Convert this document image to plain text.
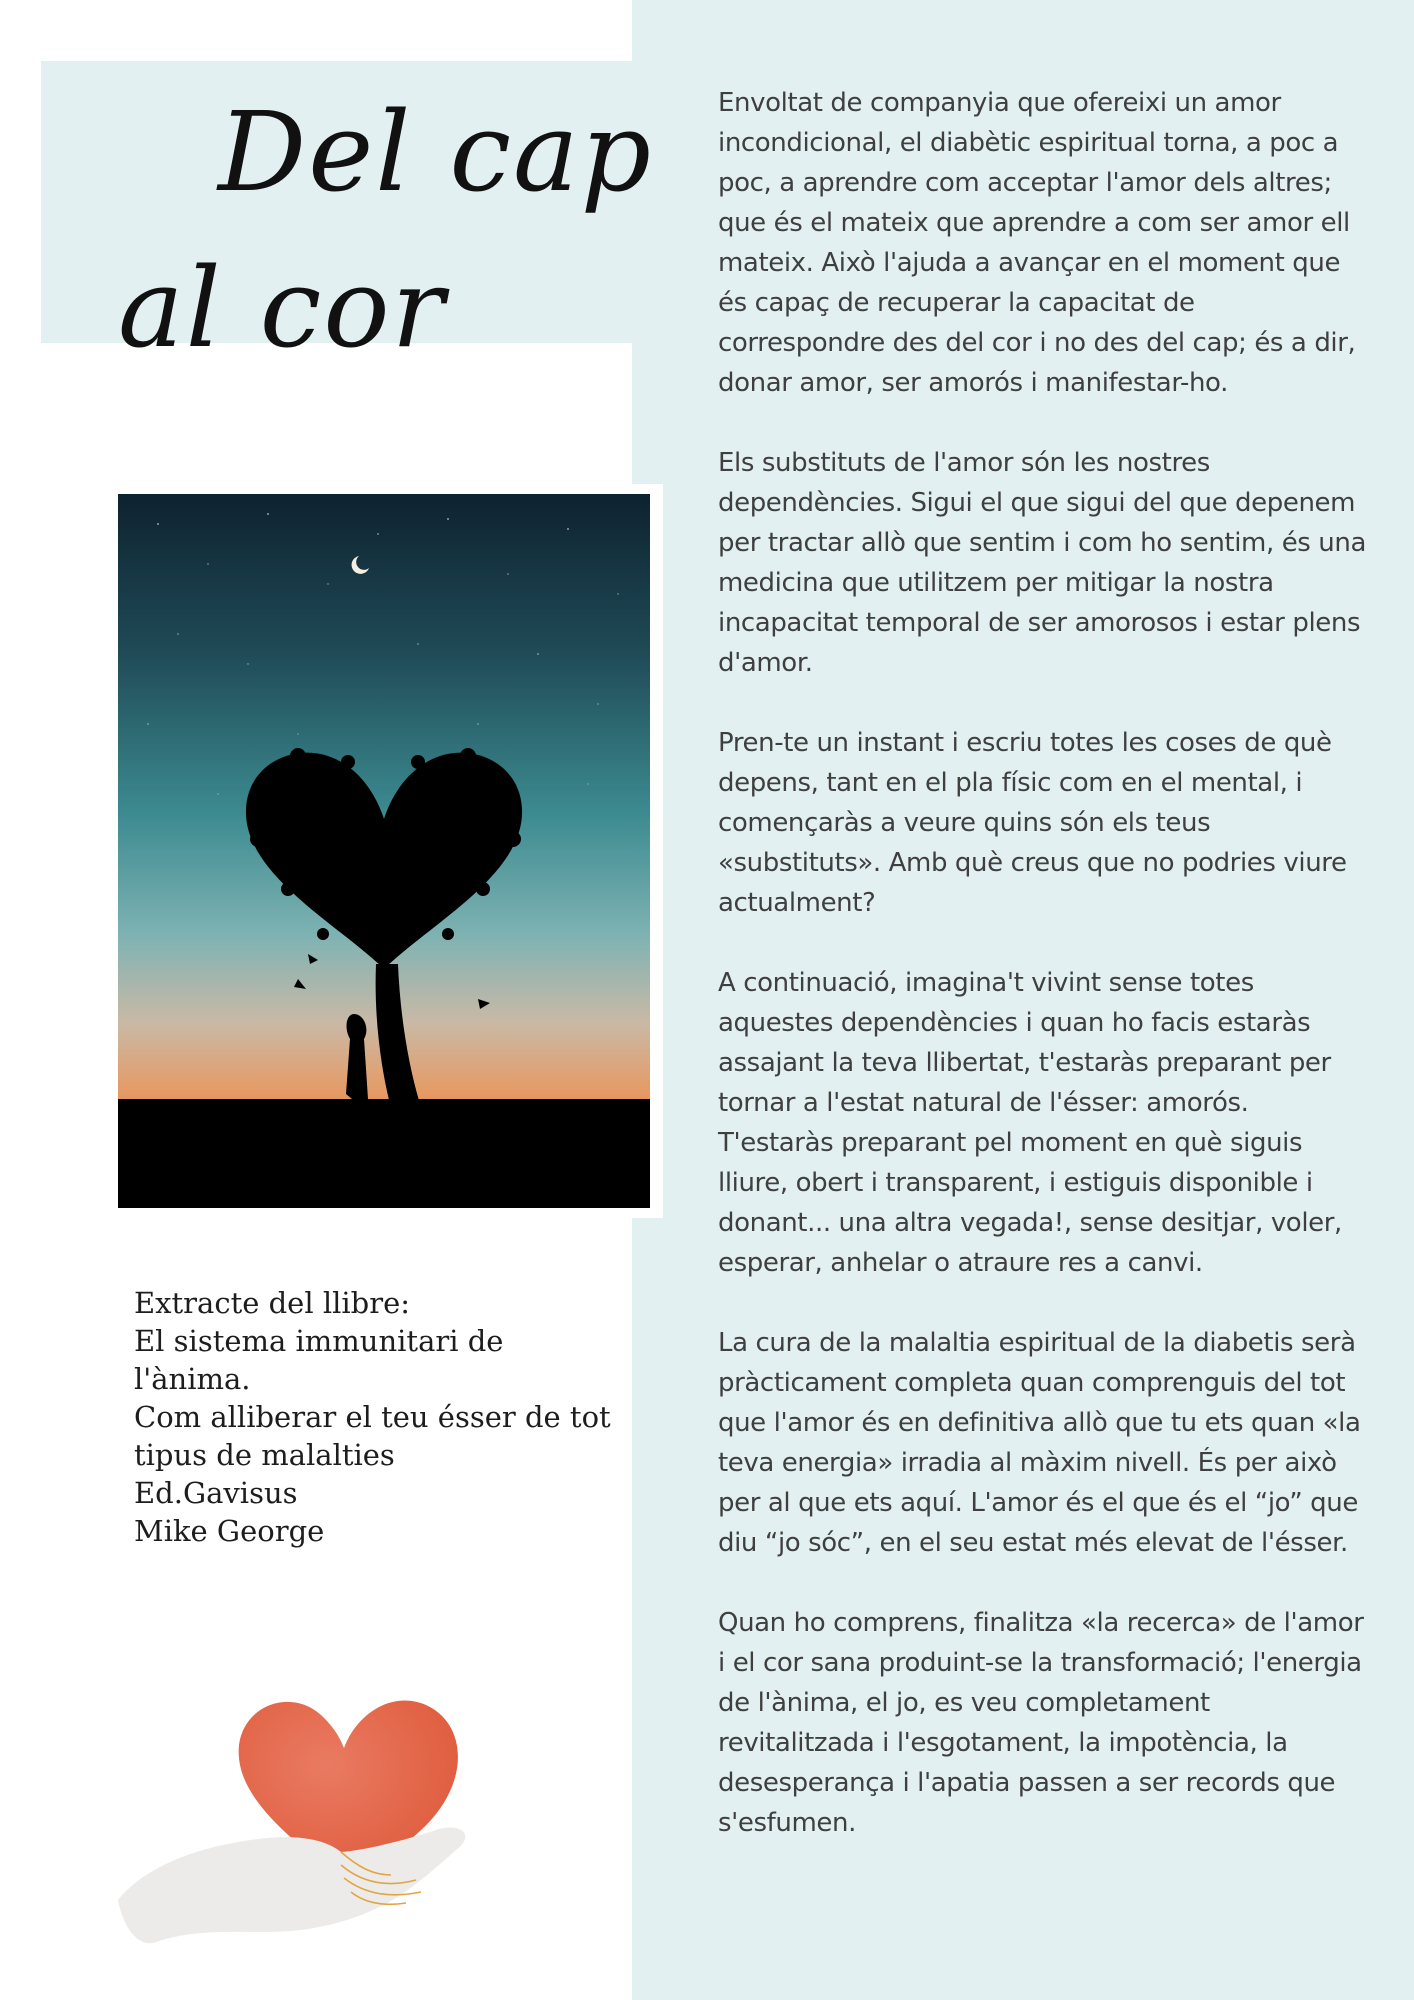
Del cap
al cor
Extracte del llibre:
El sistema immunitari de l'ànima.
Com alliberar el teu ésser de tot tipus de malalties
Ed.Gavisus
Mike George

Envoltat de companyia que ofereixi un amor incondicional, el diabètic espiritual torna, a poc a poc, a aprendre com acceptar l'amor dels altres; que és el mateix que aprendre a com ser amor ell mateix. Això l'ajuda a avançar en el moment que és capaç de recuperar la capacitat de correspondre des del cor i no des del cap; és a dir, donar amor, ser amorós i manifestar-ho.

Els substituts de l'amor són les nostres dependències. Sigui el que sigui del que depenem per tractar allò que sentim i com ho sentim, és una medicina que utilitzem per mitigar la nostra incapacitat temporal de ser amorosos i estar plens d'amor.

Pren-te un instant i escriu totes les coses de què depens, tant en el pla físic com en el mental, i començaràs a veure quins són els teus «substituts». Amb què creus que no podries viure actualment?

A continuació, imagina't vivint sense totes aquestes dependències i quan ho facis estaràs assajant la teva llibertat, t'estaràs preparant per tornar a l'estat natural de l'ésser: amorós. T'estaràs preparant pel moment en què siguis lliure, obert i transparent, i estiguis disponible i donant... una altra vegada!, sense desitjar, voler, esperar, anhelar o atraure res a canvi.

La cura de la malaltia espiritual de la diabetis serà pràcticament completa quan comprenguis del tot que l'amor és en definitiva allò que tu ets quan «la teva energia» irradia al màxim nivell. És per això per al que ets aquí. L'amor és el que és el “jo” que diu “jo sóc”, en el seu estat més elevat de l'ésser.

Quan ho comprens, finalitza «la recerca» de l'amor i el cor sana produint-se la transformació; l'energia de l'ànima, el jo, es veu completament revitalitzada i l'esgotament, la impotència, la desesperança i l'apatia passen a ser records que s'esfumen.
